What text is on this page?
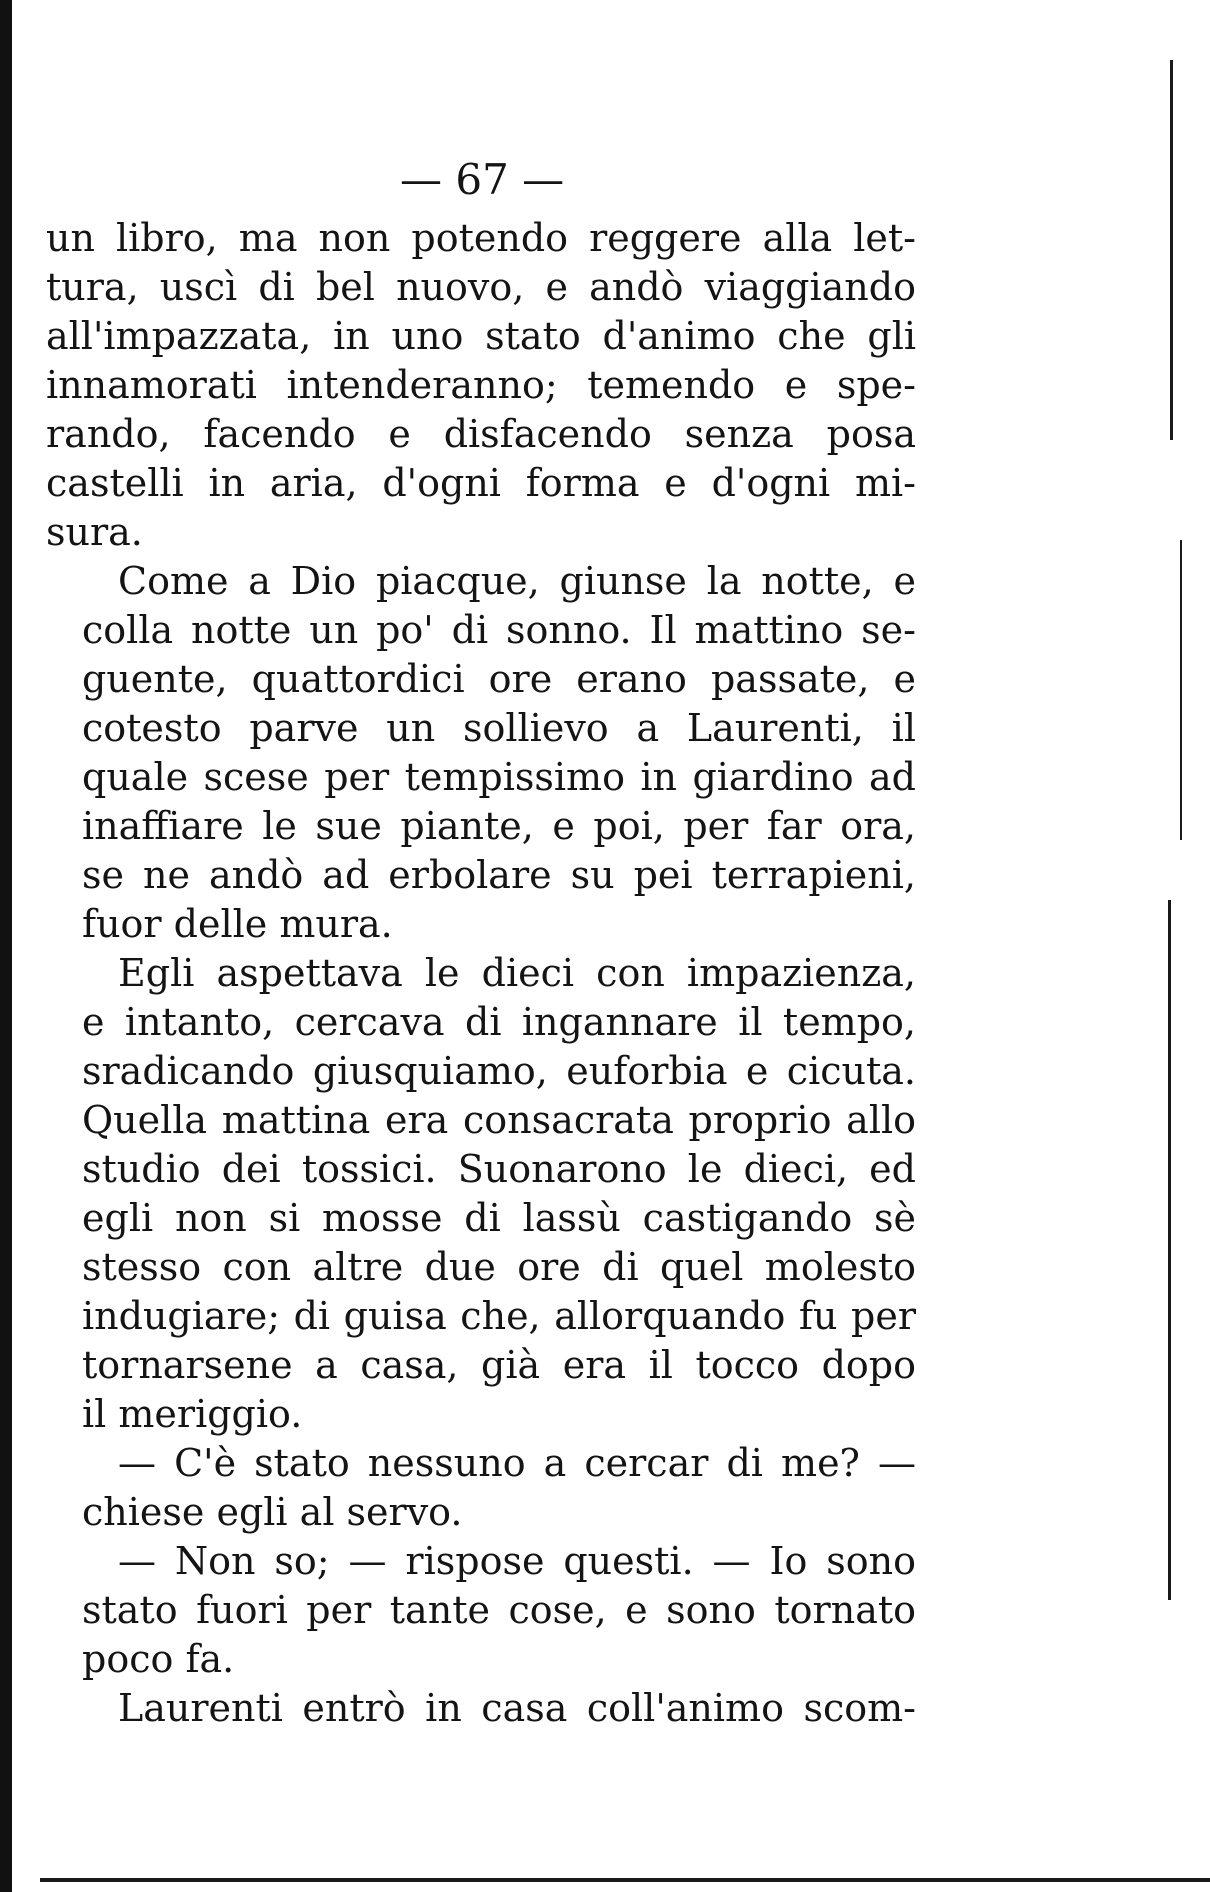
— 67 —

un libro, ma non potendo reggere alla let-
tura, uscì di bel nuovo, e andò viaggiando
all'impazzata, in uno stato d'animo che gli
innamorati intenderanno; temendo e spe-
rando, facendo e disfacendo senza posa
castelli in aria, d'ogni forma e d'ogni mi-
sura.

Come a Dio piacque, giunse la notte, e
colla notte un po' di sonno. Il mattino se-
guente, quattordici ore erano passate, e
cotesto parve un sollievo a Laurenti, il
quale scese per tempissimo in giardino ad
inaffiare le sue piante, e poi, per far ora,
se ne andò ad erbolare su pei terrapieni,
fuor delle mura.

Egli aspettava le dieci con impazienza,
e intanto, cercava di ingannare il tempo,
sradicando giusquiamo, euforbia e cicuta.
Quella mattina era consacrata proprio allo
studio dei tossici. Suonarono le dieci, ed
egli non si mosse di lassù castigando sè
stesso con altre due ore di quel molesto
indugiare; di guisa che, allorquando fu per
tornarsene a casa, già era il tocco dopo
il meriggio.

— C'è stato nessuno a cercar di me? —
chiese egli al servo.

— Non so; — rispose questi. — Io sono
stato fuori per tante cose, e sono tornato
poco fa.

Laurenti entrò in casa coll'animo scom-
